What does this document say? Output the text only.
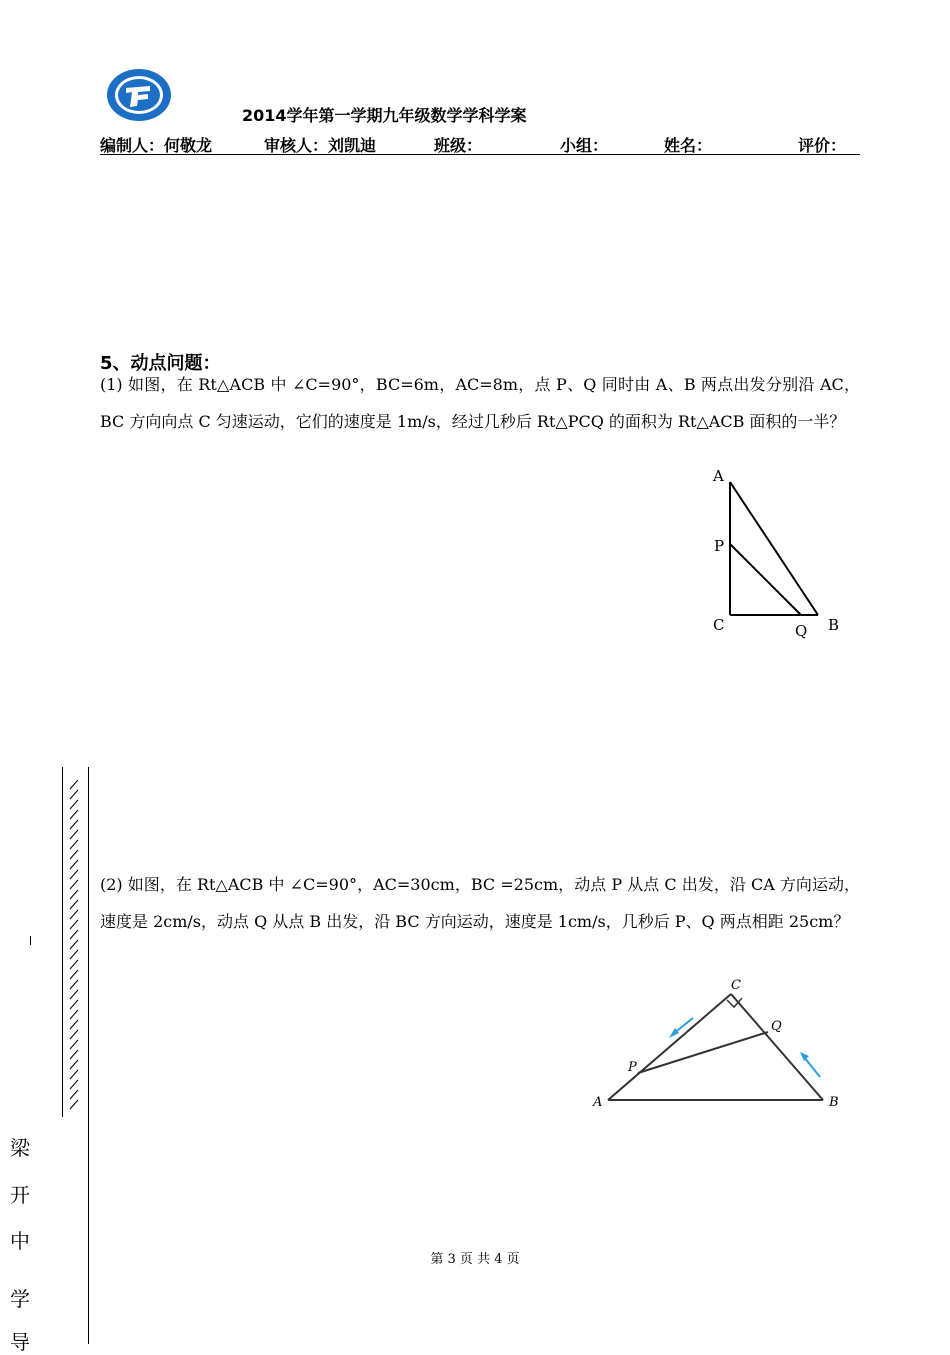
2014学年第一学期九年级数学学科学案
编制人：何敬龙	审核人：刘凯迪	班级：	小组：	姓名：	评价：
5、动点问题：
(1) 如图，在 Rt△ACB 中 ∠C=90°，BC=6m，AC=8m，点 P、Q 同时由 A、B 两点出发分别沿 AC，BC 方向向点 C 匀速运动，它们的速度是 1m/s，经过几秒后 Rt△PCQ 的面积为 Rt△ACB 面积的一半？
A
P
C	Q B
(2) 如图，在 Rt△ACB 中 ∠C=90°，AC=30cm，BC =25cm，动点 P 从点 C 出发，沿 CA 方向运动，速度是 2cm/s，动点 Q 从点 B 出发，沿 BC 方向运动，速度是 1cm/s，几秒后 P、Q 两点相距 25cm？
C
Q
P
A	B
梁
开
中
学
导
第 3 页 共 4 页
